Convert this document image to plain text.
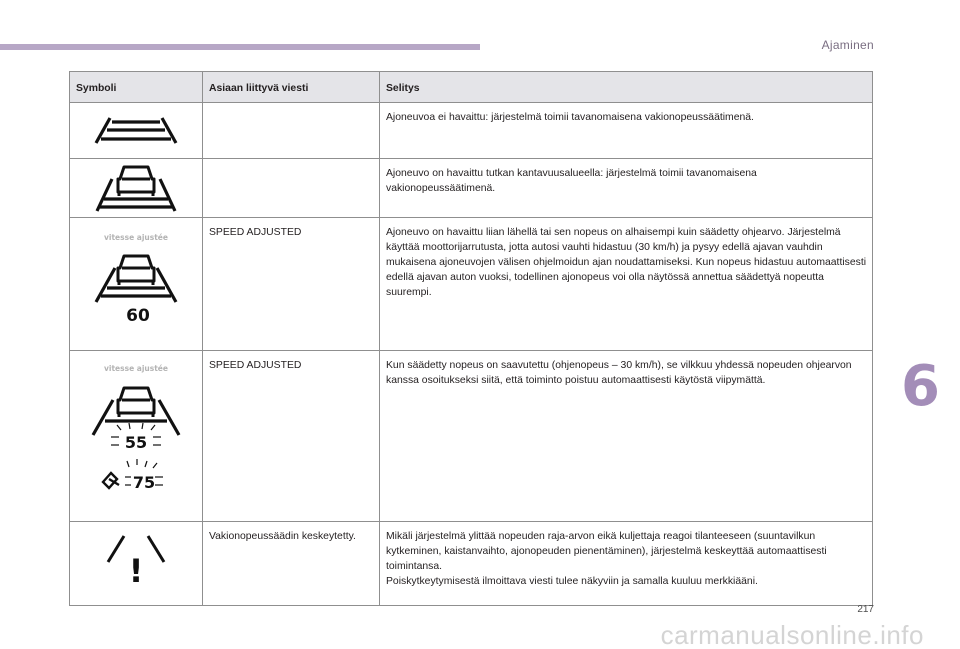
Ajaminen
Symboli	Asiaan liittyvä viesti	Selitys

		Ajoneuvoa ei havaittu: järjestelmä toimii tavanomaisena vakionopeussäätimenä.

		Ajoneuvo on havaittu tutkan kantavuusalueella: järjestelmä toimii tavanomaisena vakionopeussäätimenä.

vitesse ajustée
60	SPEED ADJUSTED	Ajoneuvo on havaittu liian lähellä tai sen nopeus on alhaisempi kuin säädetty ohjearvo. Järjestelmä käyttää moottorijarrutusta, jotta autosi vauhti hidastuu (30 km/h) ja pysyy edellä ajavan vauhdin mukaisena ajoneuvojen välisen ohjelmoidun ajan noudattamiseksi. Kun nopeus hidastuu automaattisesti edellä ajavan auton vuoksi, todellinen ajonopeus voi olla näytössä annettua säädettyä nopeutta suurempi.

vitesse ajustée
55
75	SPEED ADJUSTED	Kun säädetty nopeus on saavutettu (ohjenopeus – 30 km/h), se vilkkuu yhdessä nopeuden ohjearvon kanssa osoitukseksi siitä, että toiminto poistuu automaattisesti käytöstä viipymättä.

!	Vakionopeussäädin keskeytetty.	Mikäli järjestelmä ylittää nopeuden raja-arvon eikä kuljettaja reagoi tilanteeseen (suuntavilkun kytkeminen, kaistanvaihto, ajonopeuden pienentäminen), järjestelmä keskeyttää automaattisesti toimintansa.
Poiskytkeytymisestä ilmoittava viesti tulee näkyviin ja samalla kuuluu merkkiääni.
6
217
carmanualsonline.info
